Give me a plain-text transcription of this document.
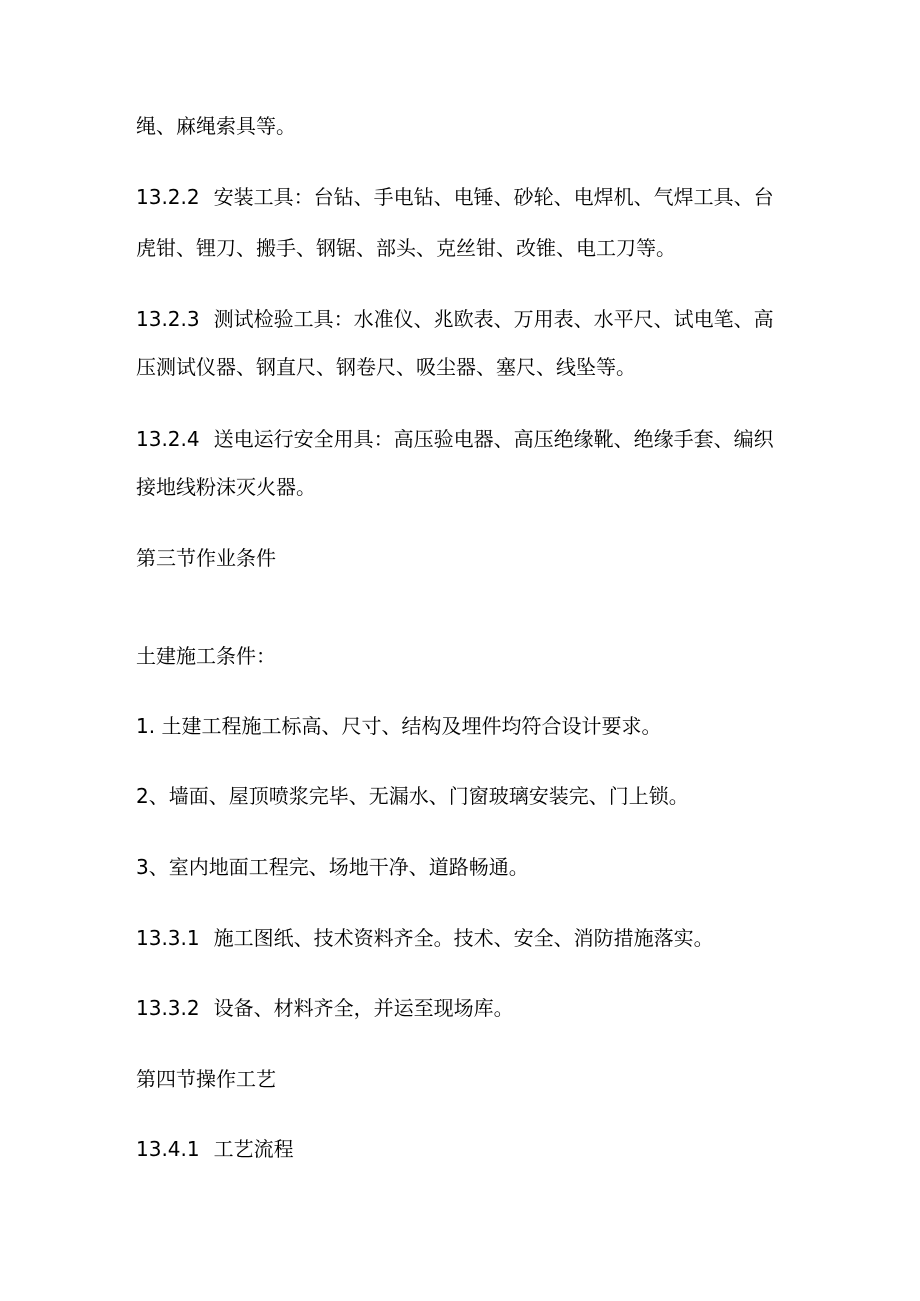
绳、麻绳索具等。
13.2.2 安装工具：台钻、手电钻、电锤、砂轮、电焊机、气焊工具、台
虎钳、锂刀、搬手、钢锯、部头、克丝钳、改锥、电工刀等。
13.2.3 测试检验工具：水准仪、兆欧表、万用表、水平尺、试电笔、高
压测试仪器、钢直尺、钢卷尺、吸尘器、塞尺、线坠等。
13.2.4 送电运行安全用具：高压验电器、高压绝缘靴、绝缘手套、编织
接地线粉沫灭火器。
第三节作业条件
土建施工条件：
1. 土建工程施工标高、尺寸、结构及埋件均符合设计要求。
2、墙面、屋顶喷浆完毕、无漏水、门窗玻璃安装完、门上锁。
3、室内地面工程完、场地干净、道路畅通。
13.3.1 施工图纸、技术资料齐全。技术、安全、消防措施落实。
13.3.2 设备、材料齐全，并运至现场库。
第四节操作工艺
13.4.1 工艺流程
